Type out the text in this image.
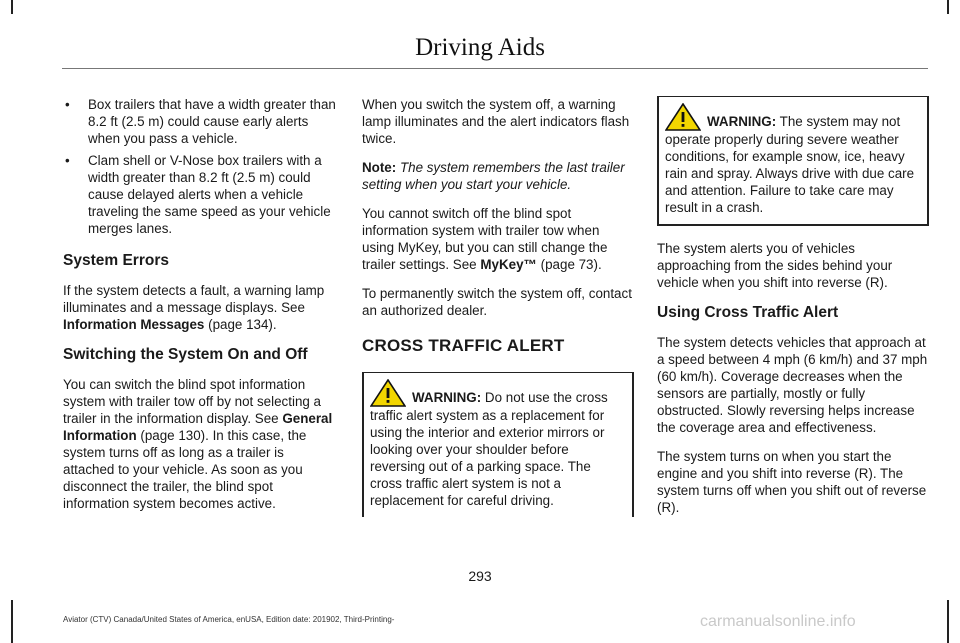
Driving Aids
• Box trailers that have a width greater than 8.2 ft (2.5 m) could cause early alerts when you pass a vehicle.
• Clam shell or V-Nose box trailers with a width greater than 8.2 ft (2.5 m) could cause delayed alerts when a vehicle traveling the same speed as your vehicle merges lanes.
System Errors

If the system detects a fault, a warning lamp illuminates and a message displays. See Information Messages (page 134).

Switching the System On and Off

You can switch the blind spot information system with trailer tow off by not selecting a trailer in the information display. See General Information (page 130). In this case, the system turns off as long as a trailer is attached to your vehicle. As soon as you disconnect the trailer, the blind spot information system becomes active.

When you switch the system off, a warning lamp illuminates and the alert indicators flash twice.

Note: The system remembers the last trailer setting when you start your vehicle.

You cannot switch off the blind spot information system with trailer tow when using MyKey, but you can still change the trailer settings. See MyKey™ (page 73).

To permanently switch the system off, contact an authorized dealer.

CROSS TRAFFIC ALERT
WARNING: Do not use the cross traffic alert system as a replacement for using the interior and exterior mirrors or looking over your shoulder before reversing out of a parking space. The cross traffic alert system is not a replacement for careful driving.
WARNING: The system may not operate properly during severe weather conditions, for example snow, ice, heavy rain and spray. Always drive with due care and attention. Failure to take care may result in a crash.

The system alerts you of vehicles approaching from the sides behind your vehicle when you shift into reverse (R).

Using Cross Traffic Alert

The system detects vehicles that approach at a speed between 4 mph (6 km/h) and 37 mph (60 km/h). Coverage decreases when the sensors are partially, mostly or fully obstructed. Slowly reversing helps increase the coverage area and effectiveness.

The system turns on when you start the engine and you shift into reverse (R). The system turns off when you shift out of reverse (R).

293
Aviator (CTV) Canada/United States of America, enUSA, Edition date: 201902, Third-Printing-	carmanualsonline.info
